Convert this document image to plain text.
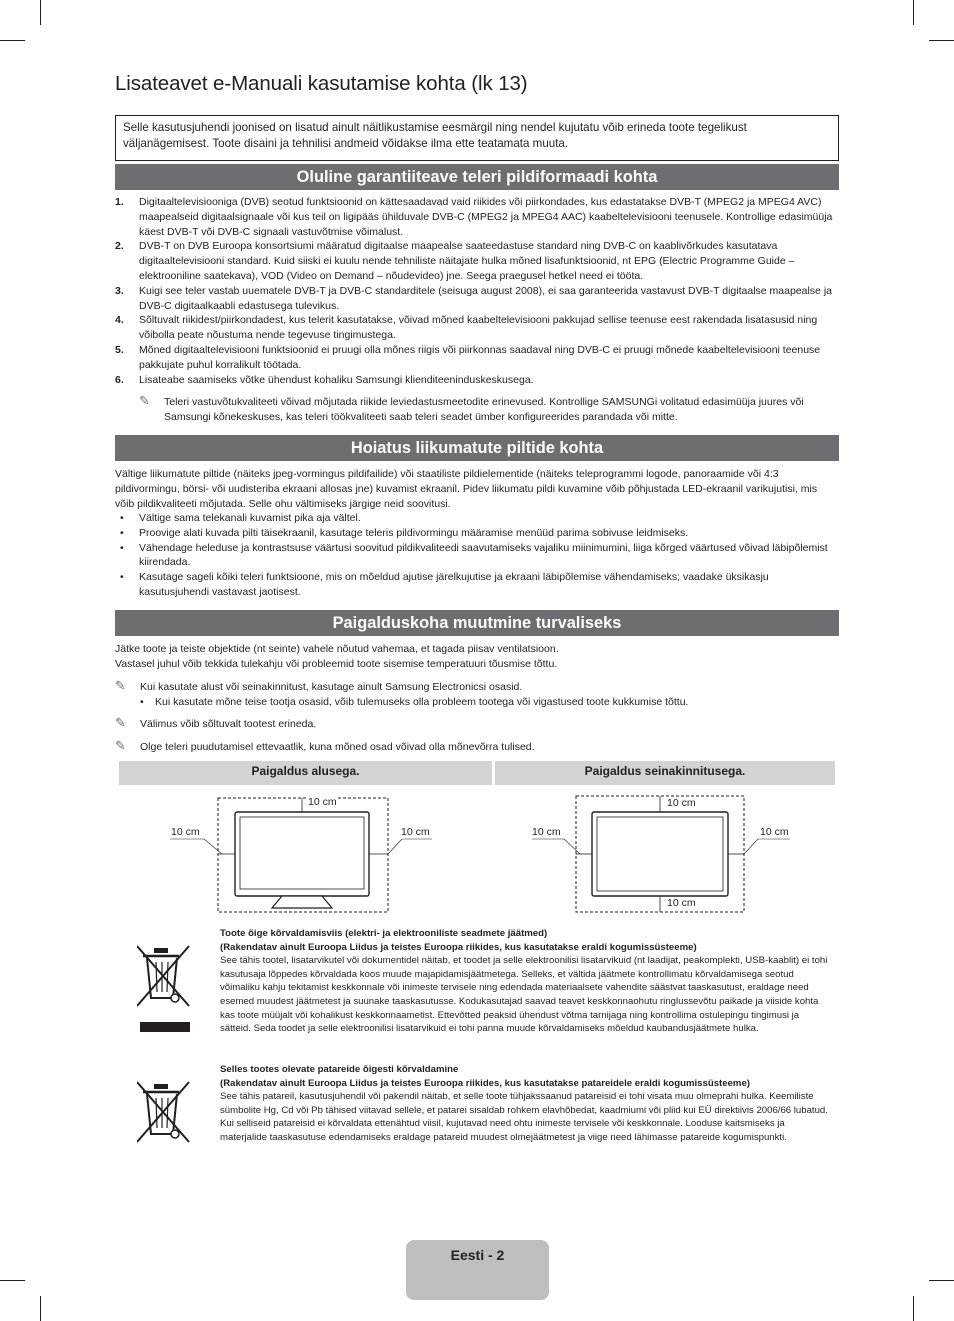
Lisateavet e-Manuali kasutamise kohta (lk 13)
Selle kasutusjuhendi joonised on lisatud ainult näitlikustamise eesmärgil ning nendel kujutatu võib erineda toote tegelikust väljanägemisest. Toote disaini ja tehnilisi andmeid võidakse ilma ette teatamata muuta.
Oluline garantiiteave teleri pildiformaadi kohta
1. Digitaaltelevisiooniga (DVB) seotud funktsioonid on kättesaadavad vaid riikides või piirkondades, kus edastatakse DVB-T (MPEG2 ja MPEG4 AVC) maapealseid digitaalsignaale või kus teil on ligipääs ühilduvale DVB-C (MPEG2 ja MPEG4 AAC) kaabeltelevisiooni teenusele. Kontrollige edasimüüja käest DVB-T või DVB-C signaali vastuvõtmise võimalust.
2. DVB-T on DVB Euroopa konsortsiumi määratud digitaalse maapealse saateedastuse standard ning DVB-C on kaablivõrkudes kasutatava digitaaltelevisiooni standard. Kuid siiski ei kuulu nende tehniliste näitajate hulka mõned lisafunktsioonid, nt EPG (Electric Programme Guide – elektrooniline saatekava), VOD (Video on Demand – nõudevideo) jne. Seega praegusel hetkel need ei tööta.
3. Kuigi see teler vastab uuematele DVB-T ja DVB-C standarditele (seisuga august 2008), ei saa garanteerida vastavust DVB-T digitaalse maapealse ja DVB-C digitaalkaabli edastusega tulevikus.
4. Sõltuvalt riikidest/piirkondadest, kus telerit kasutatakse, võivad mõned kaabeltelevisiooni pakkujad sellise teenuse eest rakendada lisatasusid ning võibolla peate nõustuma nende tegevuse tingimustega.
5. Mõned digitaaltelevisiooni funktsioonid ei pruugi olla mõnes riigis või piirkonnas saadaval ning DVB-C ei pruugi mõnede kaabeltelevisiooni teenuse pakkujate puhul korralikult töötada.
6. Lisateabe saamiseks võtke ühendust kohaliku Samsungi klienditeeninduskeskusega.
✎	Teleri vastuvõtukvaliteeti võivad mõjutada riikide leviedastusmeetodite erinevused. Kontrollige SAMSUNGi volitatud edasimüüja juures või Samsungi kõnekeskuses, kas teleri töökvaliteeti saab teleri seadet ümber konfigureerides parandada või mitte.
Hoiatus liikumatute piltide kohta

Vältige liikumatute piltide (näiteks jpeg-vormingus pildifailide) või staatiliste pildielementide (näiteks teleprogrammi logode, panoraamide või 4:3 pildivormingu, börsi- või uudisteriba ekraani allosas jne) kuvamist ekraanil. Pidev liikumatu pildi kuvamine võib põhjustada LED-ekraanil varikujutisi, mis võib pildikvaliteeti mõjutada. Selle ohu vältimiseks järgige neid soovitusi.

• Vältige sama telekanali kuvamist pika aja vältel.
• Proovige alati kuvada pilti täisekraanil, kasutage teleris pildivormingu määramise menüüd parima sobivuse leidmiseks.
• Vähendage heleduse ja kontrastsuse väärtusi soovitud pildikvaliteedi saavutamiseks vajaliku miinimumini, liiga kõrged väärtused võivad läbipõlemist kiirendada.
• Kasutage sageli kõiki teleri funktsioone, mis on mõeldud ajutise järelkujutise ja ekraani läbipõlemise vähendamiseks; vaadake üksikasju kasutusjuhendi vastavast jaotisest.
Paigalduskoha muutmine turvaliseks

Jätke toote ja teiste objektide (nt seinte) vahele nõutud vahemaa, et tagada piisav ventilatsioon.

Vastasel juhul võib tekkida tulekahju või probleemid toote sisemise temperatuuri tõusmise tõttu.

✎	Kui kasutate alust või seinakinnitust, kasutage ainult Samsung Electronicsi osasid.
•	Kui kasutate mõne teise tootja osasid, võib tulemuseks olla probleem tootega või vigastused toote kukkumise tõttu.
✎	Välimus võib sõltuvalt tootest erineda.
✎	Olge teleri puudutamisel ettevaatlik, kuna mõned osad võivad olla mõnevõrra tulised.
Paigaldus alusega.	Paigaldus seinakinnitusega.
10 cm
10 cm	10 cm
10 cm
10 cm	10 cm
10 cm
Toote õige kõrvaldamisviis (elektri- ja elektrooniliste seadmete jäätmed)
(Rakendatav ainult Euroopa Liidus ja teistes Euroopa riikides, kus kasutatakse eraldi kogumissüsteeme)
See tähis tootel, lisatarvikutel või dokumentidel näitab, et toodet ja selle elektroonilisi lisatarvikuid (nt laadijat, peakomplekti, USB-kaablit) ei tohi kasutusaja lõppedes kõrvaldada koos muude majapidamisjäätmetega. Selleks, et vältida jäätmete kontrollimatu kõrvaldamisega seotud võimaliku kahju tekitamist keskkonnale või inimeste tervisele ning edendada materiaalsete vahendite säästvat taaskasutust, eraldage need esemed muudest jäätmetest ja suunake taaskasutusse. Kodukasutajad saavad teavet keskkonnaohutu ringlussevõtu paikade ja viiside kohta kas toote müüjalt või kohalikust keskkonnaametist. Ettevõtted peaksid ühendust võtma tarnijaga ning kontrollima ostulepingu tingimusi ja sätteid. Seda toodet ja selle elektroonilisi lisatarvikuid ei tohi panna muude kõrvaldamiseks mõeldud kaubandusjäätmete hulka.
Selles tootes olevate patareide õigesti kõrvaldamine
(Rakendatav ainult Euroopa Liidus ja teistes Euroopa riikides, kus kasutatakse patareidele eraldi kogumissüsteeme)
See tähis patareil, kasutusjuhendil või pakendil näitab, et selle toote tühjakssaanud patareisid ei tohi visata muu olmeprahi hulka. Keemiliste sümbolite Hg, Cd või Pb tähised viitavad sellele, et patarei sisaldab rohkem elavhõbedat, kaadmiumi või pliid kui EÜ direktiivis 2006/66 lubatud. Kui selliseid patareisid ei kõrvaldata ettenähtud viisil, kujutavad need ohtu inimeste tervisele või keskkonnale. Looduse kaitsmiseks ja materjalide taaskasutuse edendamiseks eraldage patareid muudest olmejäätmetest ja viige need lähimasse patareide kogumispunkti.
Eesti - 2
